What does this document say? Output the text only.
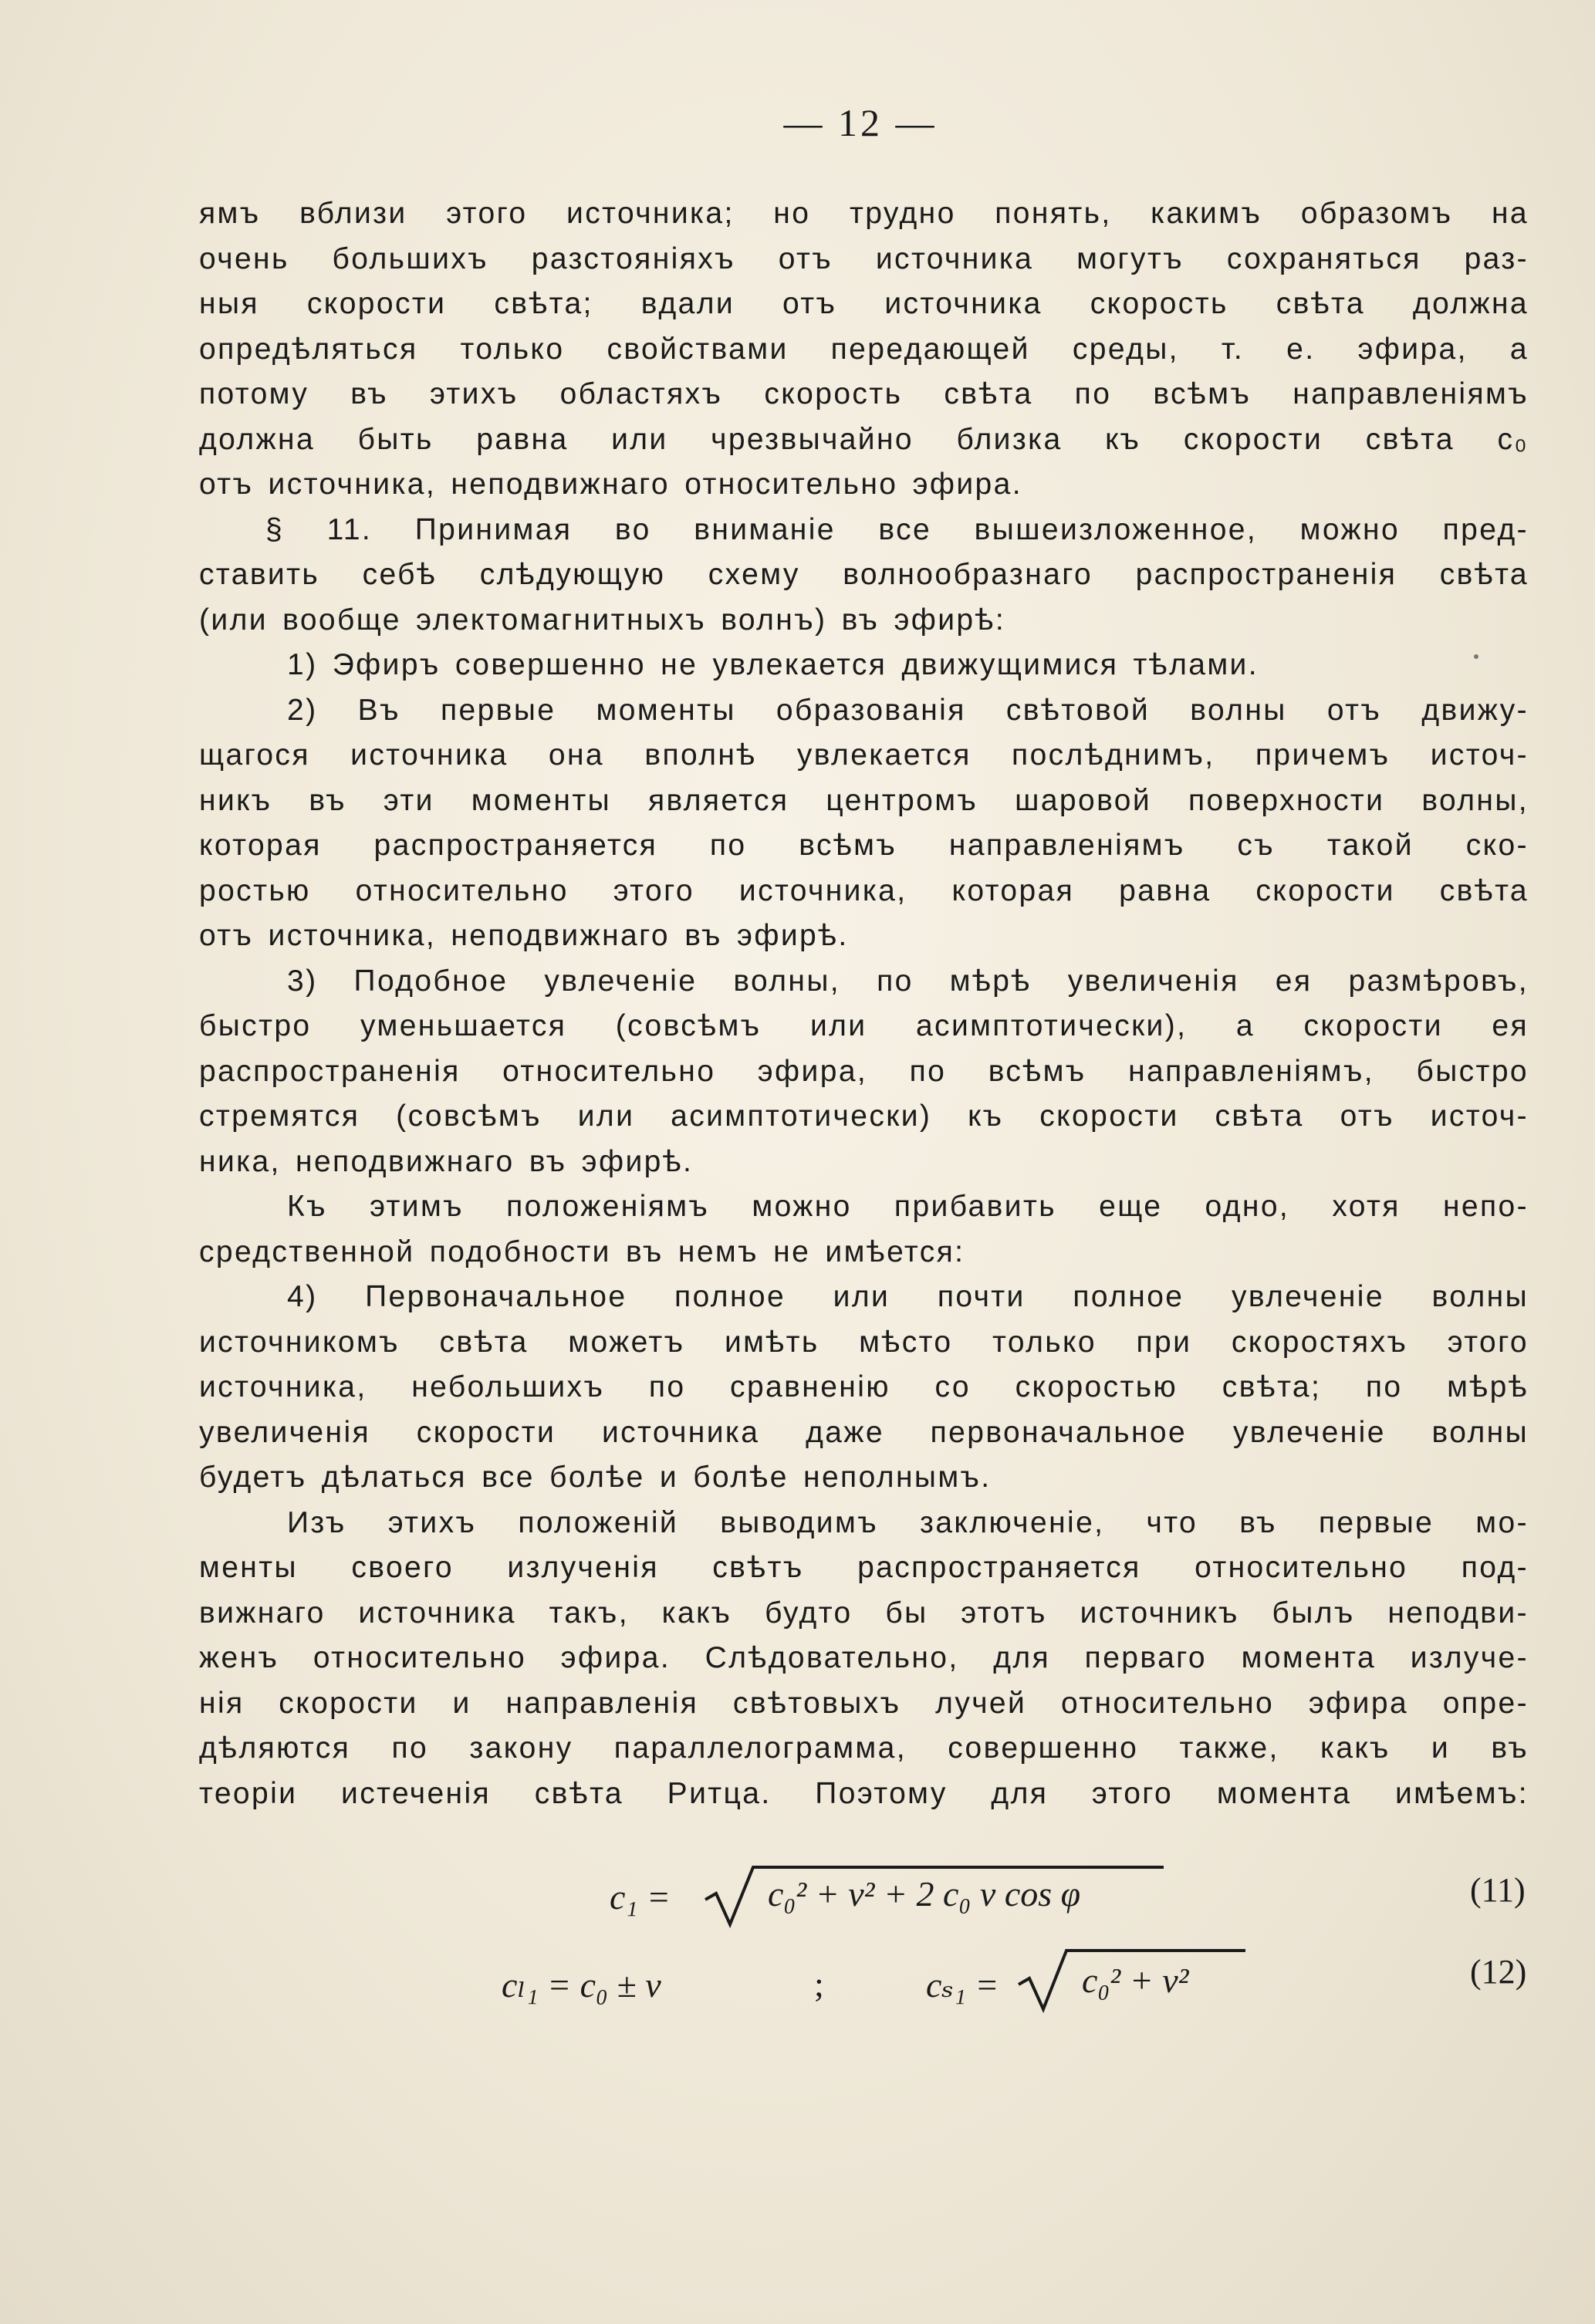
— 12 —

ямъ вблизи этого источника; но трудно понять, какимъ образомъ на

очень большихъ разстоянiяхъ отъ источника могутъ сохраняться раз-

ныя скорости свѣта; вдали отъ источника скорость свѣта должна

опредѣляться только свойствами передающей среды, т. е. эфира, а

потому въ этихъ областяхъ скорость свѣта по всѣмъ направленiямъ

должна быть равна или чрезвычайно близка къ скорости свѣта c₀

отъ источника, неподвижнаго относительно эфира.

§ 11. Принимая во вниманiе все вышеизложенное, можно пред-

ставить себѣ слѣдующую схему волнообразнаго распространенiя свѣта

(или вообще электомагнитныхъ волнъ) въ эфирѣ:

1) Эфиръ совершенно не увлекается движущимися тѣлами.

2) Въ первые моменты образованiя свѣтовой волны отъ движу-

щагося источника она вполнѣ увлекается послѣднимъ, причемъ источ-

никъ въ эти моменты является центромъ шаровой поверхности волны,

которая распространяется по всѣмъ направленiямъ съ такой ско-

ростью относительно этого источника, которая равна скорости свѣта

отъ источника, неподвижнаго въ эфирѣ.

3) Подобное увлеченiе волны, по мѣрѣ увеличенiя ея размѣровъ,

быстро уменьшается (совсѣмъ или асимптотически), а скорости ея

распространенiя относительно эфира, по всѣмъ направленiямъ, быстро

стремятся (совсѣмъ или асимптотически) къ скорости свѣта отъ источ-

ника, неподвижнаго въ эфирѣ.

Къ этимъ положенiямъ можно прибавить еще одно, хотя непо-

средственной подобности въ немъ не имѣется:

4) Первоначальное полное или почти полное увлеченiе волны

источникомъ свѣта можетъ имѣть мѣсто только при скоростяхъ этого

источника, небольшихъ по сравненiю со скоростью свѣта; по мѣрѣ

увеличенiя скорости источника даже первоначальное увлеченiе волны

будетъ дѣлаться все болѣе и болѣе неполнымъ.

Изъ этихъ положенiй выводимъ заключенiе, что въ первые мо-

менты своего излученiя свѣтъ распространяется относительно под-

вижнаго источника такъ, какъ будто бы этотъ источникъ былъ неподви-

женъ относительно эфира. Слѣдовательно, для перваго момента излуче-

нiя скорости и направленiя свѣтовыхъ лучей относительно эфира опре-

дѣляются по закону параллелограмма, совершенно также, какъ и въ

теорiи истеченiя свѣта Ритца. Поэтому для этого момента имѣемъ:

c₁ =	c₀² + v² + 2 c₀ v cos φ	(11)
cₗ₁ = c₀ ± v	;	cₛ₁ = c₀² + v²	(12)
